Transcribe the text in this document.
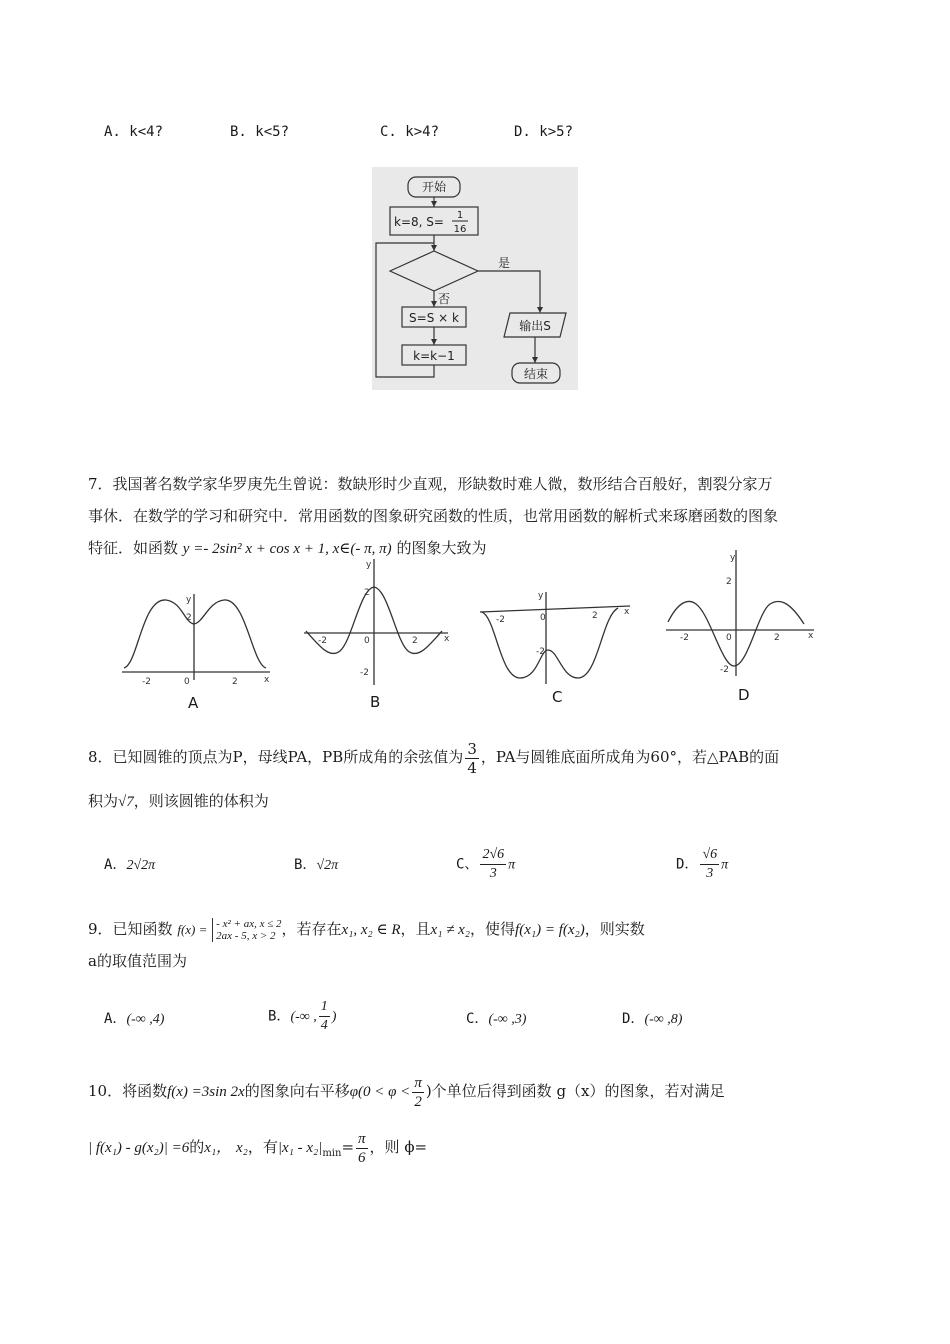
A. k<4?	B. k<5?	C. k>4?	D. k>5?
开始
k=8, S= 1
16
否
是
S=S × k
k=k−1
输出S
结束
7．我国著名数学家华罗庚先生曾说：数缺形时少直观，形缺数时难人微，数形结合百般好，割裂分家万
事休．在数学的学习和研究中．常用函数的图象研究函数的性质，也常用函数的解析式来琢磨函数的图象
特征．如函数 y =- 2sin² x + cos x + 1, x∈(- π, π) 的图象大致为
-2	0	2	x
y
2
A
-2	0	2	x
y
2
-2
B
-2	0	2	x
y
-2
C
-2	0	2	x
y
2
-2
D
8．已知圆锥的顶点为P，母线PA，PB所成角的余弦值为 $\frac{3}{4}$ ，PA与圆锥底面所成角为60°，若△PAB的面
积为√7，则该圆锥的体积为
A．2√2π	B．√2π	C、 $\frac{2√6}{3}$ π	D． $\frac{√6}{3}$ π
9．已知函数 f(x) = - x² + ax, x ≤ 2
2ax - 5, x > 2 ，若存在x₁, x₂ ∈ R，且x₁ ≠ x₂，使得f(x₁) = f(x₂)，则实数
a的取值范围为
A．(-∞ ,4)	B．(-∞ , $\frac{1}{4}$ )	C．(-∞ ,3)	D．(-∞ ,8)
10．将函数f(x) =3sin 2x的图象向右平移$\varphi(0 < \varphi < \frac{\pi}{2}$ )个单位后得到函数 g（x）的图象，若对满足
| f(x₁) - g(x₂)| =6的x₁， x₂，有$|x_1 - x_2|_{min}= \frac{\pi}{6}$ ，则 ϕ=
